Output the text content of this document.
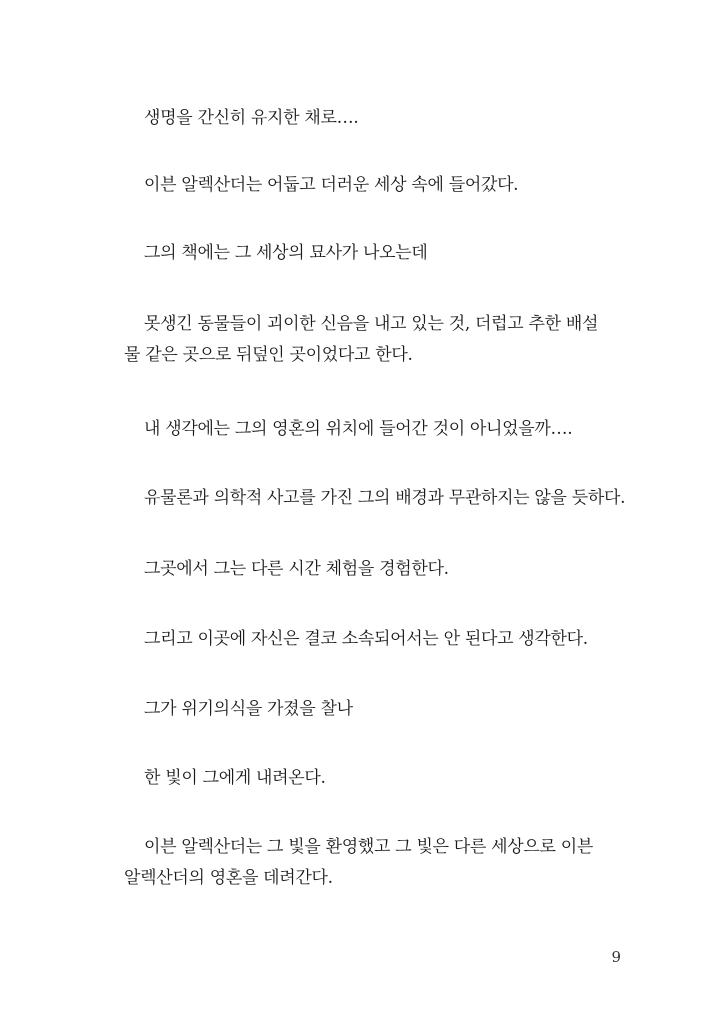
생명을 간신히 유지한 채로….
이븐 알렉산더는 어둡고 더러운 세상 속에 들어갔다.
그의 책에는 그 세상의 묘사가 나오는데
못생긴 동물들이 괴이한 신음을 내고 있는 것, 더럽고 추한 배설
물 같은 곳으로 뒤덮인 곳이었다고 한다.
내 생각에는 그의 영혼의 위치에 들어간 것이 아니었을까….
유물론과 의학적 사고를 가진 그의 배경과 무관하지는 않을 듯하다.
그곳에서 그는 다른 시간 체험을 경험한다.
그리고 이곳에 자신은 결코 소속되어서는 안 된다고 생각한다.
그가 위기의식을 가졌을 찰나
한 빛이 그에게 내려온다.
이븐 알렉산더는 그 빛을 환영했고 그 빛은 다른 세상으로 이븐
알렉산더의 영혼을 데려간다.
9
